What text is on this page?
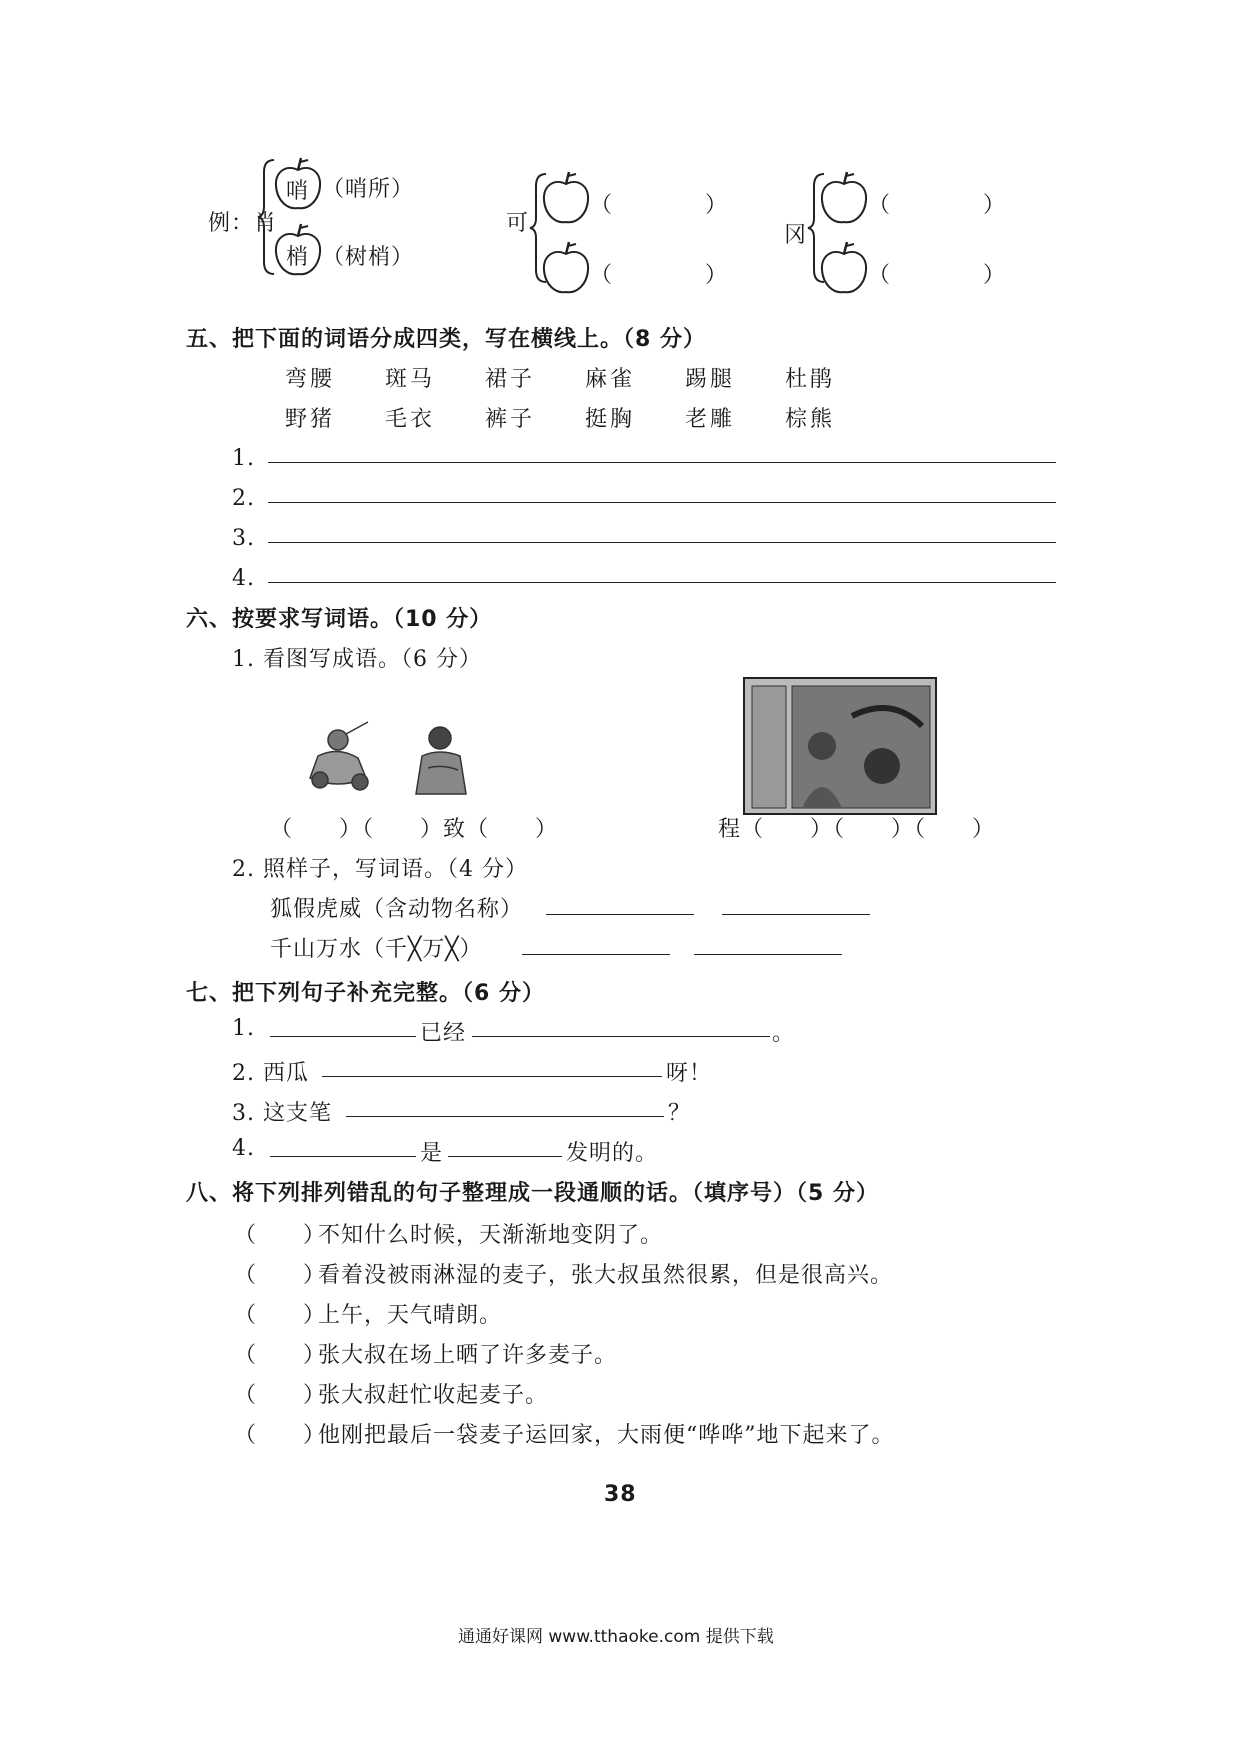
例：肖
哨 （哨所）
梢 （树梢）
可
（　　　　）
（　　　　）
冈
（　　　　）
（　　　　）
五、把下面的词语分成四类，写在横线上。（8 分）
弯腰 斑马 裙子 麻雀 踢腿 杜鹃
野猪 毛衣 裤子 挺胸 老雕 棕熊
1.
2.
3.
4.
六、按要求写词语。（10 分）
1. 看图写成语。（6 分）
（　　）（　　）致（　　）	程（　　）（　　）（　　）
2. 照样子，写词语。（4 分）
狐假虎威（含动物名称）
千山万水（千╳万╳）
七、把下列句子补充完整。（6 分）
1.	已经	。
2. 西瓜	呀！
3. 这支笔	？
4.	是	发明的。
八、将下列排列错乱的句子整理成一段通顺的话。（填序号）（5 分）
（　　）
不知什么时候，天渐渐地变阴了。
（　　）
看着没被雨淋湿的麦子，张大叔虽然很累，但是很高兴。
（　　）
上午，天气晴朗。
（　　）
张大叔在场上晒了许多麦子。
（　　）
张大叔赶忙收起麦子。
（　　）
他刚把最后一袋麦子运回家，大雨便“哗哗”地下起来了。
38
通通好课网 www.tthaoke.com 提供下载
